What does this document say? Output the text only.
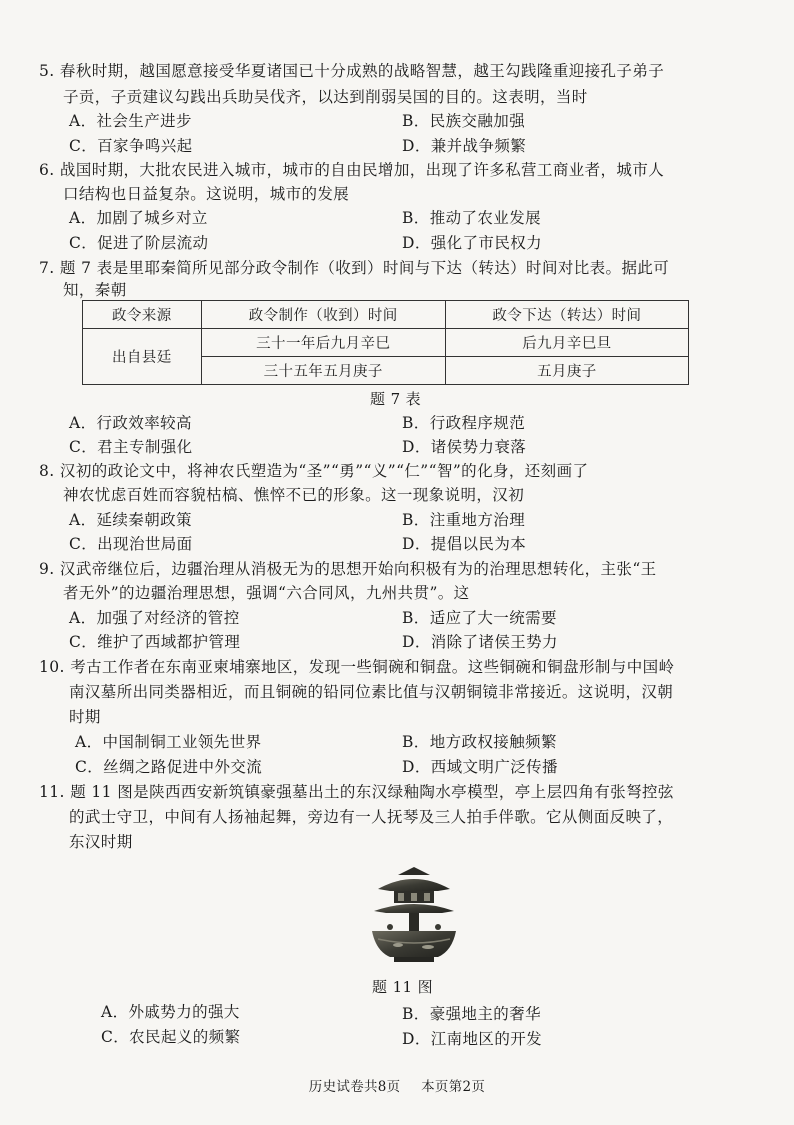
5. 春秋时期，越国愿意接受华夏诸国已十分成熟的战略智慧，越王勾践隆重迎接孔子弟子
子贡，子贡建议勾践出兵助吴伐齐，以达到削弱吴国的目的。这表明，当时
A．社会生产进步	B．民族交融加强
C．百家争鸣兴起	D．兼并战争频繁
6. 战国时期，大批农民进入城市，城市的自由民增加，出现了许多私营工商业者，城市人
口结构也日益复杂。这说明，城市的发展
A．加剧了城乡对立	B．推动了农业发展
C．促进了阶层流动	D．强化了市民权力
7. 题 7 表是里耶秦简所见部分政令制作（收到）时间与下达（转达）时间对比表。据此可
知，秦朝
政令来源	政令制作（收到）时间	政令下达（转达）时间
出自县廷	三十一年后九月辛巳	后九月辛巳旦
	三十五年五月庚子	五月庚子
题 7 表
A．行政效率较高	B．行政程序规范
C．君主专制强化	D．诸侯势力衰落
8. 汉初的政论文中，将神农氏塑造为“圣”“勇”“义”“仁”“智”的化身，还刻画了
神农忧虑百姓而容貌枯槁、憔悴不已的形象。这一现象说明，汉初
A．延续秦朝政策	B．注重地方治理
C．出现治世局面	D．提倡以民为本
9. 汉武帝继位后，边疆治理从消极无为的思想开始向积极有为的治理思想转化，主张“王
者无外”的边疆治理思想，强调“六合同风，九州共贯”。这
A．加强了对经济的管控	B．适应了大一统需要
C．维护了西域都护管理	D．消除了诸侯王势力
10. 考古工作者在东南亚柬埔寨地区，发现一些铜碗和铜盘。这些铜碗和铜盘形制与中国岭
南汉墓所出同类器相近，而且铜碗的铅同位素比值与汉朝铜镜非常接近。这说明，汉朝
时期
A．中国制铜工业领先世界	B．地方政权接触频繁
C．丝绸之路促进中外交流	D．西域文明广泛传播
11. 题 11 图是陕西西安新筑镇豪强墓出土的东汉绿釉陶水亭模型，亭上层四角有张弩控弦
的武士守卫，中间有人扬袖起舞，旁边有一人抚琴及三人拍手伴歌。它从侧面反映了，
东汉时期
题 11 图
A．外戚势力的强大	B．豪强地主的奢华
C．农民起义的频繁	D．江南地区的开发
历史试卷共8页 本页第2页
